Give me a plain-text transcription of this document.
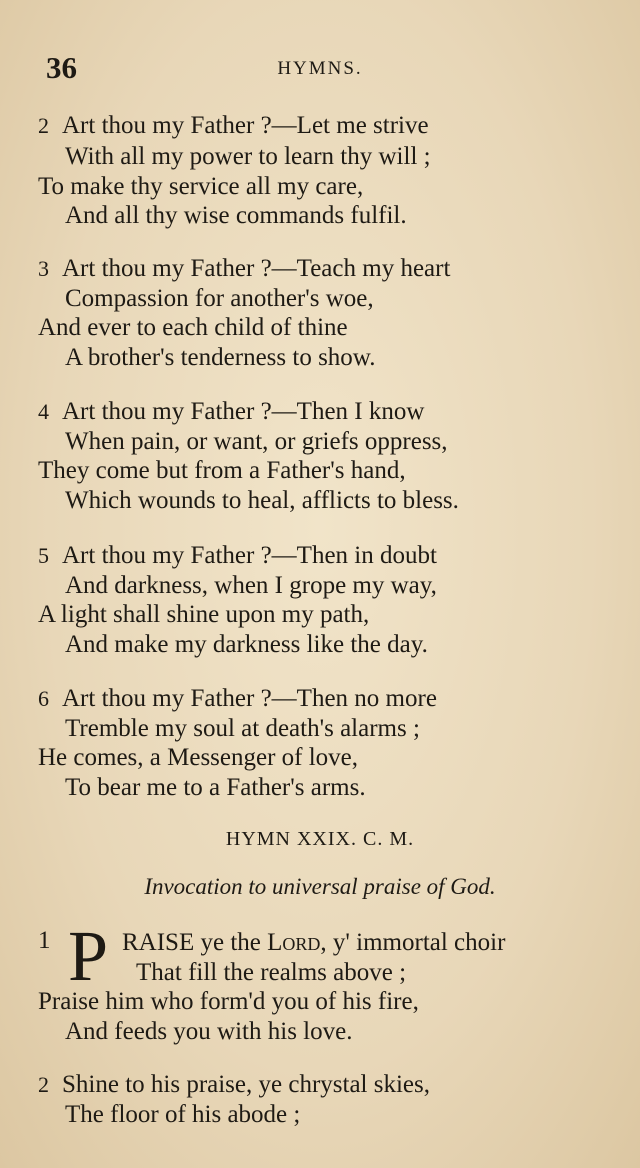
36	HYMNS.
2 Art thou my Father ?—Let me strive
With all my power to learn thy will ;
To make thy service all my care,
And all thy wise commands fulfil.
3 Art thou my Father ?—Teach my heart
Compassion for another's woe,
And ever to each child of thine
A brother's tenderness to show.
4 Art thou my Father ?—Then I know
When pain, or want, or griefs oppress,
They come but from a Father's hand,
Which wounds to heal, afflicts to bless.
5 Art thou my Father ?—Then in doubt
And darkness, when I grope my way,
A light shall shine upon my path,
And make my darkness like the day.
6 Art thou my Father ?—Then no more
Tremble my soul at death's alarms ;
He comes, a Messenger of love,
To bear me to a Father's arms.
HYMN XXIX. C. M.
Invocation to universal praise of God.
1 P RAISE ye the Lord, y' immortal choir
That fill the realms above ;
Praise him who form'd you of his fire,
And feeds you with his love.
2 Shine to his praise, ye chrystal skies,
The floor of his abode ;
